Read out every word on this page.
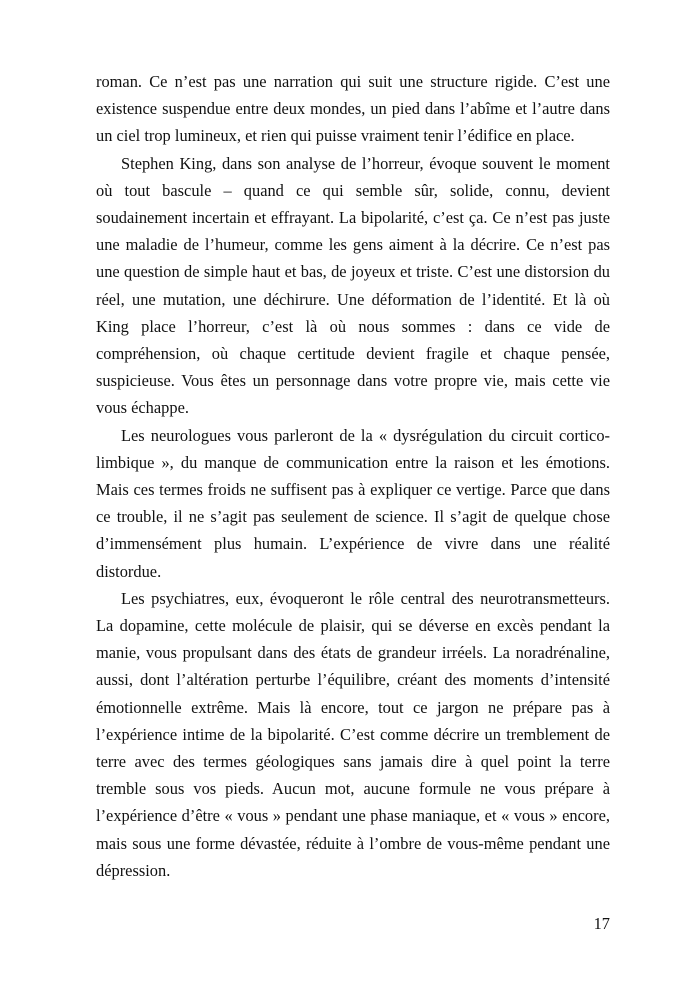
roman. Ce n’est pas une narration qui suit une structure rigide. C’est une existence suspendue entre deux mondes, un pied dans l’abîme et l’autre dans un ciel trop lumineux, et rien qui puisse vraiment tenir l’édifice en place.

Stephen King, dans son analyse de l’horreur, évoque souvent le moment où tout bascule – quand ce qui semble sûr, solide, connu, devient soudainement incertain et effrayant. La bipolarité, c’est ça. Ce n’est pas juste une maladie de l’humeur, comme les gens aiment à la décrire. Ce n’est pas une question de simple haut et bas, de joyeux et triste. C’est une distorsion du réel, une mutation, une déchirure. Une déformation de l’identité. Et là où King place l’horreur, c’est là où nous sommes : dans ce vide de compréhension, où chaque certitude devient fragile et chaque pensée, suspicieuse. Vous êtes un personnage dans votre propre vie, mais cette vie vous échappe.

Les neurologues vous parleront de la « dysrégulation du circuit cortico-limbique », du manque de communication entre la raison et les émotions. Mais ces termes froids ne suffisent pas à expliquer ce vertige. Parce que dans ce trouble, il ne s’agit pas seulement de science. Il s’agit de quelque chose d’immensément plus humain. L’expérience de vivre dans une réalité distordue.

Les psychiatres, eux, évoqueront le rôle central des neurotransmetteurs. La dopamine, cette molécule de plaisir, qui se déverse en excès pendant la manie, vous propulsant dans des états de grandeur irréels. La noradrénaline, aussi, dont l’altération perturbe l’équilibre, créant des moments d’intensité émotionnelle extrême. Mais là encore, tout ce jargon ne prépare pas à l’expérience intime de la bipolarité. C’est comme décrire un tremblement de terre avec des termes géologiques sans jamais dire à quel point la terre tremble sous vos pieds. Aucun mot, aucune formule ne vous prépare à l’expérience d’être « vous » pendant une phase maniaque, et « vous » encore, mais sous une forme dévastée, réduite à l’ombre de vous-même pendant une dépression.

17
